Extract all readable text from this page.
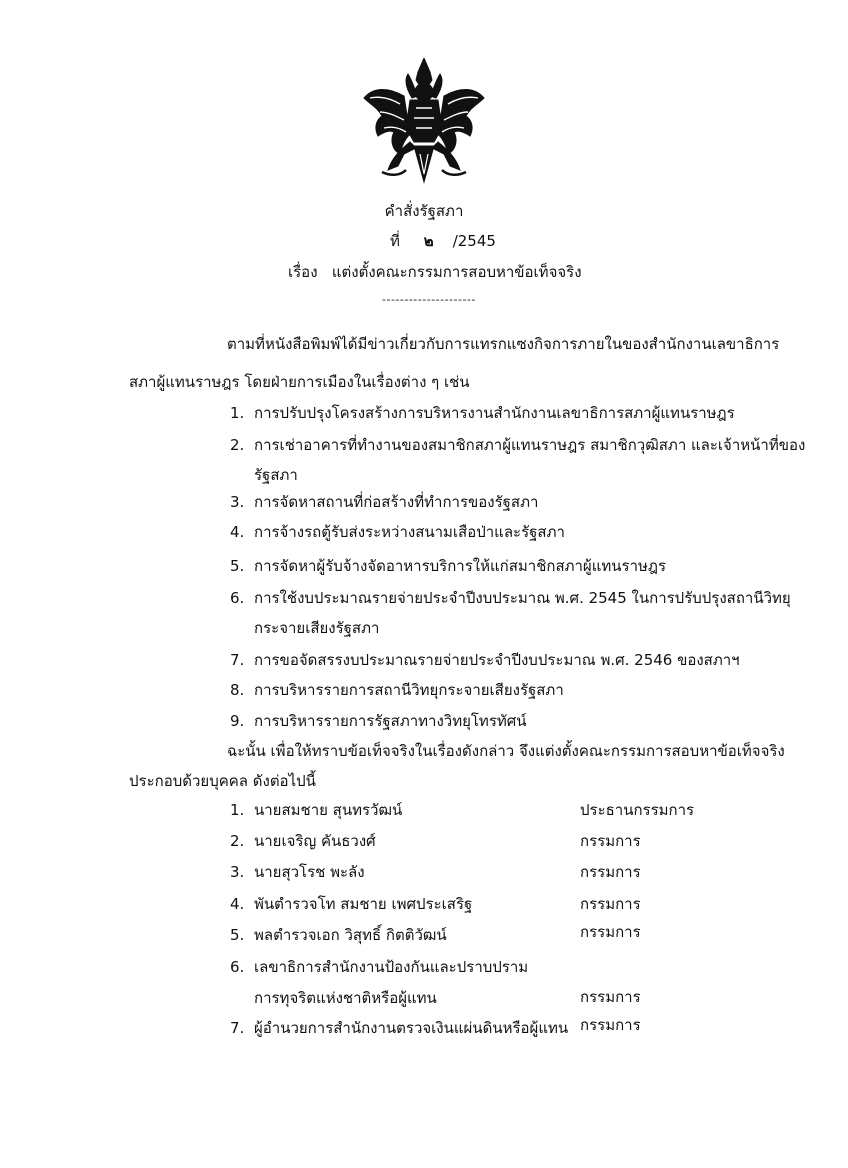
คำสั่งรัฐสภา
ที่ ๒ /2545
เรื่อง แต่งตั้งคณะกรรมการสอบหาข้อเท็จจริง
---------------------
ตามที่หนังสือพิมพ์ได้มีข่าวเกี่ยวกับการแทรกแซงกิจการภายในของสำนักงานเลขาธิการ
สภาผู้แทนราษฎร โดยฝ่ายการเมืองในเรื่องต่าง ๆ เช่น
1. การปรับปรุงโครงสร้างการบริหารงานสำนักงานเลขาธิการสภาผู้แทนราษฎร
2. การเช่าอาคารที่ทำงานของสมาชิกสภาผู้แทนราษฎร สมาชิกวุฒิสภา และเจ้าหน้าที่ของ
รัฐสภา
3. การจัดหาสถานที่ก่อสร้างที่ทำการของรัฐสภา
4. การจ้างรถตู้รับส่งระหว่างสนามเสือป่าและรัฐสภา
5. การจัดหาผู้รับจ้างจัดอาหารบริการให้แก่สมาชิกสภาผู้แทนราษฎร
6. การใช้งบประมาณรายจ่ายประจำปีงบประมาณ พ.ศ. 2545 ในการปรับปรุงสถานีวิทยุ
กระจายเสียงรัฐสภา
7. การขอจัดสรรงบประมาณรายจ่ายประจำปีงบประมาณ พ.ศ. 2546 ของสภาฯ
8. การบริหารรายการสถานีวิทยุกระจายเสียงรัฐสภา
9. การบริหารรายการรัฐสภาทางวิทยุโทรทัศน์
ฉะนั้น เพื่อให้ทราบข้อเท็จจริงในเรื่องดังกล่าว จึงแต่งตั้งคณะกรรมการสอบหาข้อเท็จจริง
ประกอบด้วยบุคคล ดังต่อไปนี้
1. นายสมชาย สุนทรวัฒน์	ประธานกรรมการ
2. นายเจริญ คันธวงศ์	กรรมการ
3. นายสุวโรช พะลัง	กรรมการ
4. พันตำรวจโท สมชาย เพศประเสริฐ	กรรมการ
5. พลตำรวจเอก วิสุทธิ์ กิตติวัฒน์	กรรมการ
6. เลขาธิการสำนักงานป้องกันและปราบปราม
การทุจริตแห่งชาติหรือผู้แทน	กรรมการ
7. ผู้อำนวยการสำนักงานตรวจเงินแผ่นดินหรือผู้แทน กรรมการ
